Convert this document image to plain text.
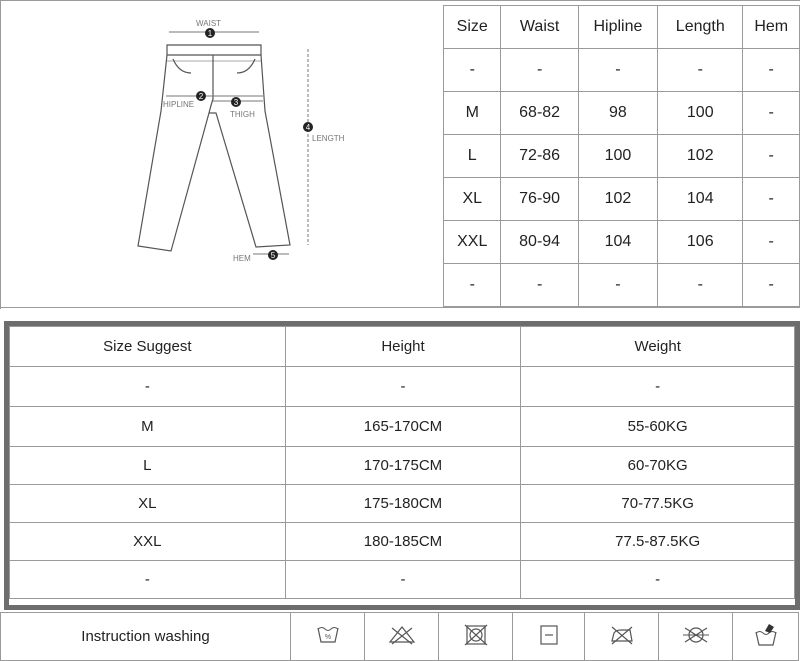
1
2
3
4
5
WAIST
HIPLINE
THIGH
LENGTH
HEM
Size	Waist	Hipline	Length	Hem
-	-	-	-	-
M	68-82	98	100	-
L	72-86	100	102	-
XL	76-90	102	104	-
XXL	80-94	104	106	-
-	-	-	-	-
Size Suggest	Height	Weight
-	-	-
M	165-170CM	55-60KG
L	170-175CM	60-70KG
XL	175-180CM	70-77.5KG
XXL	180-185CM	77.5-87.5KG
-	-	-
Instruction washing	%
